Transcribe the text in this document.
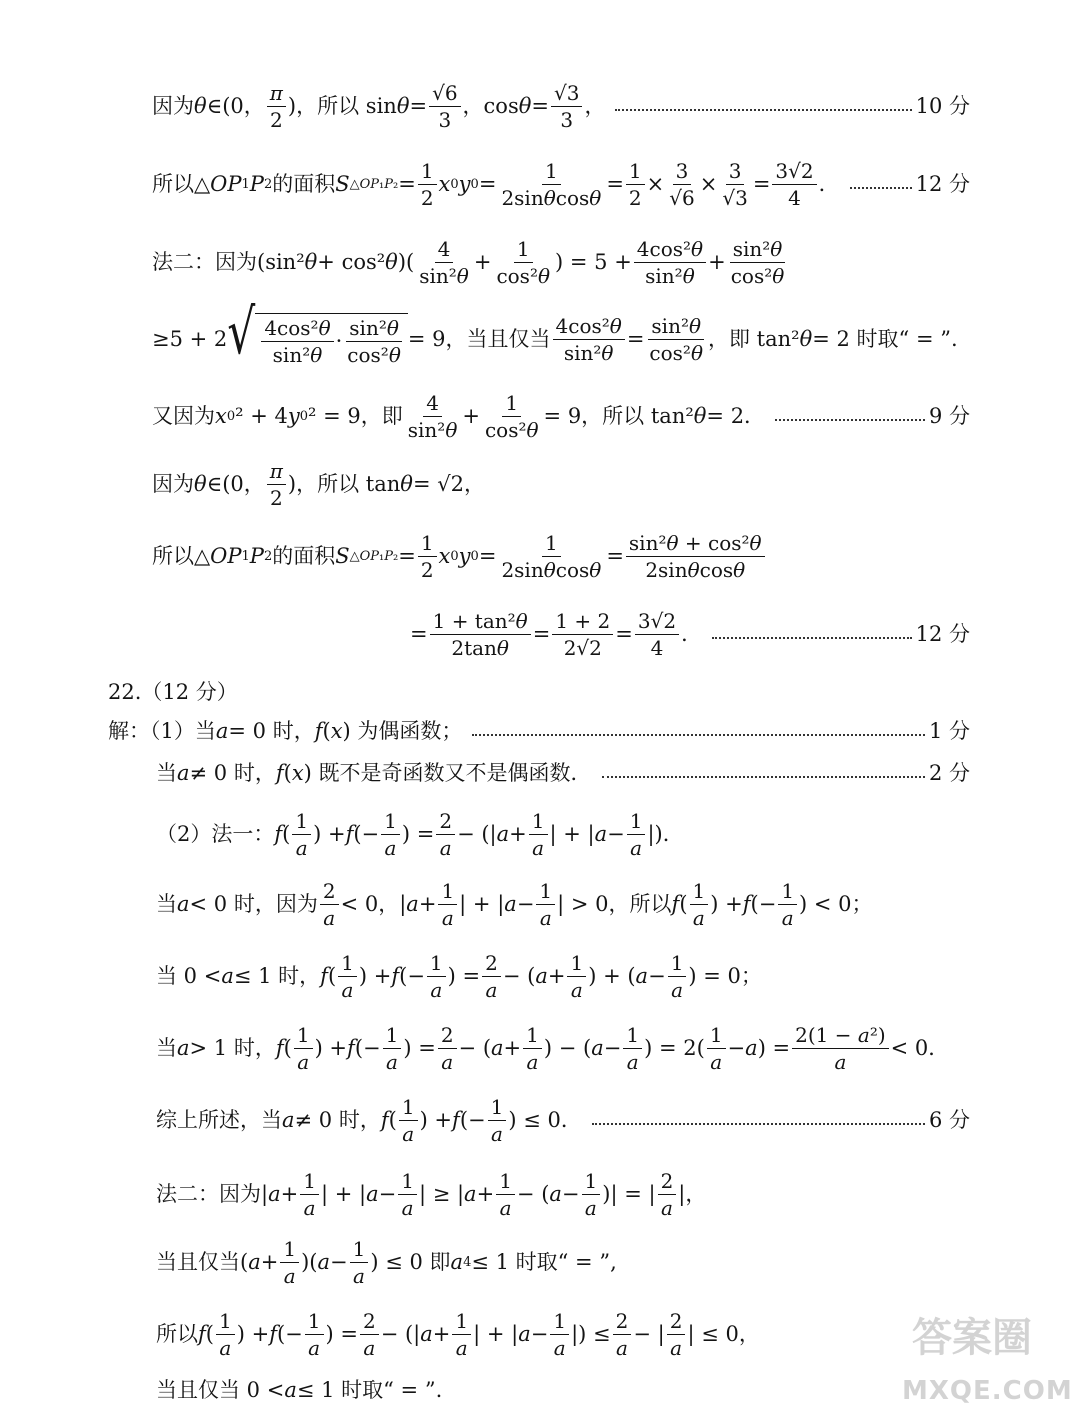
因为 θ ∈(0，
π
2
)，所以 sin θ =
√6
3
，cos θ =
√3
3
，	10 分
所以△ OP 1 P 2 的面积 S △OP₁P₂ =
1
2
x 0 y 0 =
1
2sinθcosθ
=
1
2
×
3
√6
×
3
√3
=
3√2
4
．	12 分
法二：因为(sin² θ + cos² θ )(
4
sin²θ
+
1
cos²θ
) = 5 +
4cos²θ
sin²θ
+
sin²θ
cos²θ
≥5 + 2 √ 4cos²θ
sin²θ
·
sin²θ
cos²θ
= 9，当且仅当
4cos²θ
sin²θ
=
sin²θ
cos²θ
，即 tan² θ = 2 时取“ = ”.
又因为 x 0 ² + 4 y 0 ² = 9，即
4
sin²θ
+
1
cos²θ
= 9，所以 tan² θ = 2．	9 分
因为 θ ∈(0，
π
2
)，所以 tan θ = √2，
所以△ OP 1 P 2 的面积 S △OP₁P₂ =
1
2
x 0 y 0 =
1
2sinθcosθ
=
sin²θ + cos²θ
2sinθcosθ
=
1 + tan²θ
2tanθ
=
1 + 2
2√2
=
3√2
4
．	12 分
22.（12 分）
解：（1）当 a = 0 时， f ( x ) 为偶函数；	1 分
当 a ≠ 0 时， f ( x ) 既不是奇函数又不是偶函数．	2 分
（2）法一： f (
1
a
) + f (−
1
a
) =
2
a
− (| a +
1
a
| + | a −
1
a
|)．
当 a < 0 时，因为
2
a
< 0，| a +
1
a
| + | a −
1
a
| > 0，所以 f (
1
a
) + f (−
1
a
) < 0；
当 0 < a ≤ 1 时， f (
1
a
) + f (−
1
a
) =
2
a
− ( a +
1
a
) + ( a −
1
a
) = 0；
当 a > 1 时， f (
1
a
) + f (−
1
a
) =
2
a
− ( a +
1
a
) − ( a −
1
a
) = 2(
1
a
− a ) =
2(1 − a²)
a
< 0．
综上所述，当 a ≠ 0 时， f (
1
a
) + f (−
1
a
) ≤ 0．	6 分
法二：因为| a +
1
a
| + | a −
1
a
| ≥ | a +
1
a
− ( a −
1
a
)| = |
2
a
|，
当且仅当( a +
1
a
)( a −
1
a
) ≤ 0 即 a 4 ≤ 1 时取“ = ”,
所以 f (
1
a
) + f (−
1
a
) =
2
a
− (| a +
1
a
| + | a −
1
a
|) ≤
2
a
− |
2
a
| ≤ 0，
当且仅当 0 < a ≤ 1 时取“ = ”.
答案圈
MXQE.COM
